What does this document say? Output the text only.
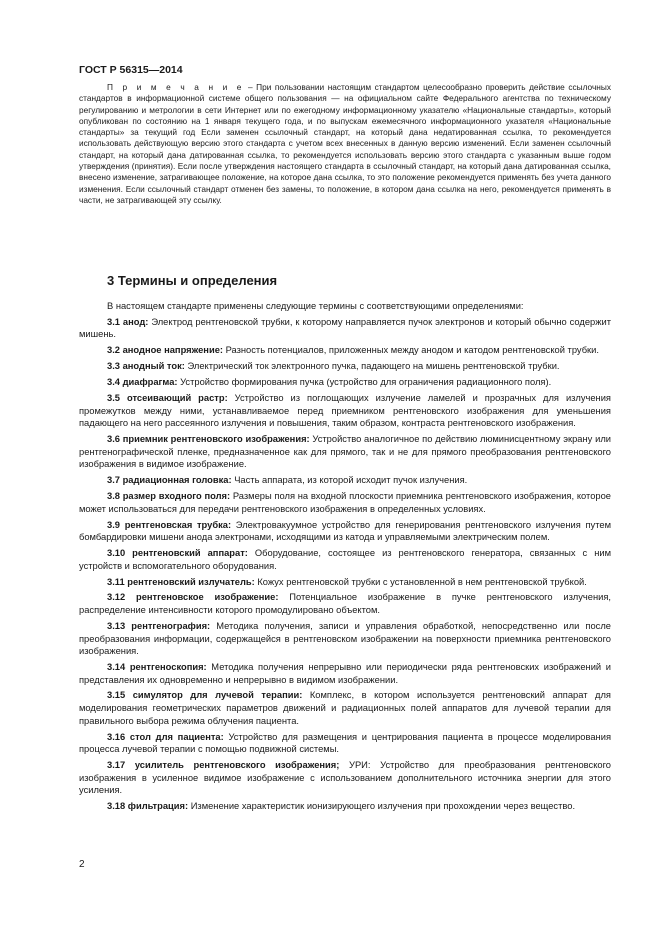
ГОСТ Р 56315—2014
П р и м е ч а н и е – При пользовании настоящим стандартом целесообразно проверить действие ссылочных стандартов в информационной системе общего пользования — на официальном сайте Федерального агентства по техническому регулированию и метрологии в сети Интернет или по ежегодному информационному указателю «Национальные стандарты», который опубликован по состоянию на 1 января текущего года, и по выпускам ежемесячного информационного указателя «Национальные стандарты» за текущий год Если заменен ссылочный стандарт, на который дана недатированная ссылка, то рекомендуется использовать действующую версию этого стандарта с учетом всех внесенных в данную версию изменений. Если заменен ссылочный стандарт, на который дана датированная ссылка, то рекомендуется использовать версию этого стандарта с указанным выше годом утверждения (принятия). Если после утверждения настоящего стандарта в ссылочный стандарт, на который дана датированная ссылка, внесено изменение, затрагивающее положение, на которое дана ссылка, то это положение рекомендуется применять без учета данного изменения. Если ссылочный стандарт отменен без замены, то положение, в котором дана ссылка на него, рекомендуется применять в части, не затрагивающей эту ссылку.
3 Термины и определения

В настоящем стандарте применены следующие термины с соответствующими определениями:

3.1 анод: Электрод рентгеновской трубки, к которому направляется пучок электронов и который обычно содержит мишень.

3.2 анодное напряжение: Разность потенциалов, приложенных между анодом и катодом рентгеновской трубки.

3.3 анодный ток: Электрический ток электронного пучка, падающего на мишень рентгеновской трубки.

3.4 диафрагма: Устройство формирования пучка (устройство для ограничения радиационного поля).

3.5 отсеивающий растр: Устройство из поглощающих излучение ламелей и прозрачных для излучения промежутков между ними, устанавливаемое перед приемником рентгеновского изображения для уменьшения падающего на него рассеянного излучения и повышения, таким образом, контраста рентгеновского изображения.

3.6 приемник рентгеновского изображения: Устройство аналогичное по действию люминисцентному экрану или рентгенографической пленке, предназначенное как для прямого, так и не для прямого преобразования рентгеновского изображения в видимое изображение.

3.7 радиационная головка: Часть аппарата, из которой исходит пучок излучения.

3.8 размер входного поля: Размеры поля на входной плоскости приемника рентгеновского изображения, которое может использоваться для передачи рентгеновского изображения в определенных условиях.

3.9 рентгеновская трубка: Электровакуумное устройство для генерирования рентгеновского излучения путем бомбардировки мишени анода электронами, исходящими из катода и управляемыми электрическим полем.

3.10 рентгеновский аппарат: Оборудование, состоящее из рентгеновского генератора, связанных с ним устройств и вспомогательного оборудования.

3.11 рентгеновский излучатель: Кожух рентгеновской трубки с установленной в нем рентгеновской трубкой.

3.12 рентгеновское изображение: Потенциальное изображение в пучке рентгеновского излучения, распределение интенсивности которого промодулировано объектом.

3.13 рентгенография: Методика получения, записи и управления обработкой, непосредственно или после преобразования информации, содержащейся в рентгеновском изображении на поверхности приемника рентгеновского изображения.

3.14 рентгеноскопия: Методика получения непрерывно или периодически ряда рентгеновских изображений и представления их одновременно и непрерывно в видимом изображении.

3.15 симулятор для лучевой терапии: Комплекс, в котором используется рентгеновский аппарат для моделирования геометрических параметров движений и радиационных полей аппаратов для лучевой терапии для правильного выбора режима облучения пациента.

3.16 стол для пациента: Устройство для размещения и центрирования пациента в процессе моделирования процесса лучевой терапии с помощью подвижной системы.

3.17 усилитель рентгеновского изображения; УРИ: Устройство для преобразования рентгеновского изображения в усиленное видимое изображение с использованием дополнительного источника энергии для этого усиления.

3.18 фильтрация: Изменение характеристик ионизирующего излучения при прохождении через вещество.

2
